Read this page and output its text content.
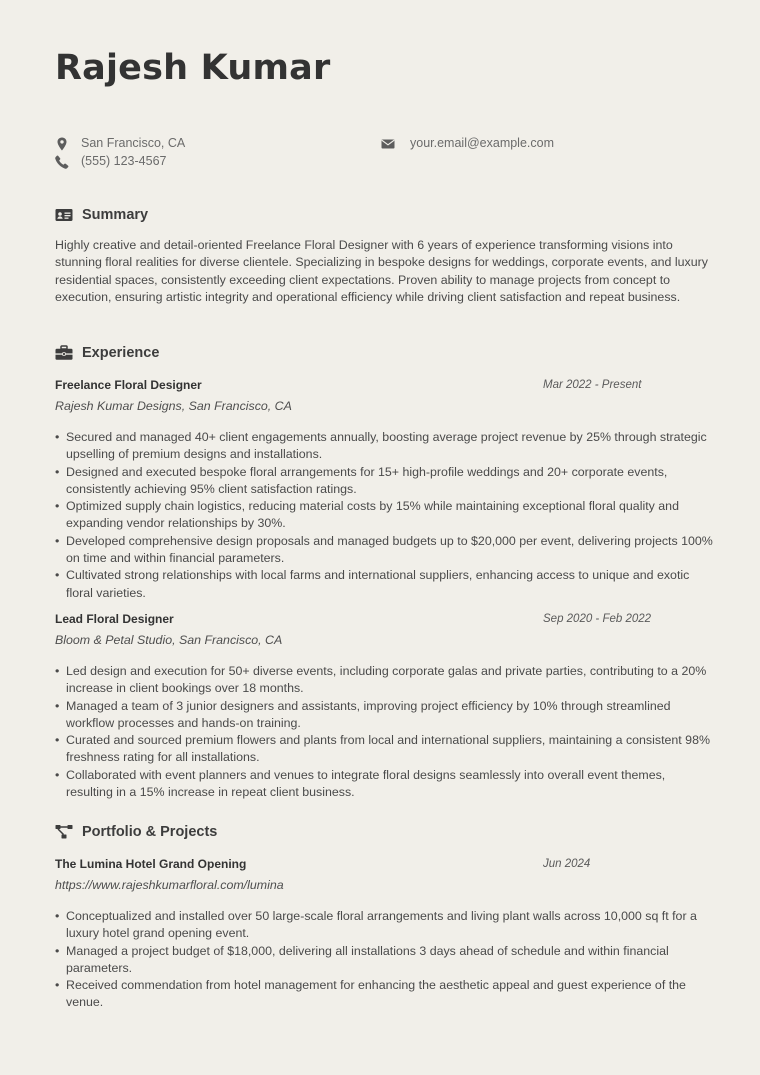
Rajesh Kumar
San Francisco, CA
(555) 123-4567
your.email@example.com
Summary

Highly creative and detail-oriented Freelance Floral Designer with 6 years of experience transforming visions into stunning floral realities for diverse clientele. Specializing in bespoke designs for weddings, corporate events, and luxury residential spaces, consistently exceeding client expectations. Proven ability to manage projects from concept to execution, ensuring artistic integrity and operational efficiency while driving client satisfaction and repeat business.

Experience
Freelance Floral Designer	Mar 2022 - Present
Rajesh Kumar Designs, San Francisco, CA
• Secured and managed 40+ client engagements annually, boosting average project revenue by 25% through strategic upselling of premium designs and installations.
• Designed and executed bespoke floral arrangements for 15+ high-profile weddings and 20+ corporate events, consistently achieving 95% client satisfaction ratings.
• Optimized supply chain logistics, reducing material costs by 15% while maintaining exceptional floral quality and expanding vendor relationships by 30%.
• Developed comprehensive design proposals and managed budgets up to $20,000 per event, delivering projects 100% on time and within financial parameters.
• Cultivated strong relationships with local farms and international suppliers, enhancing access to unique and exotic floral varieties.
Lead Floral Designer	Sep 2020 - Feb 2022
Bloom & Petal Studio, San Francisco, CA
• Led design and execution for 50+ diverse events, including corporate galas and private parties, contributing to a 20% increase in client bookings over 18 months.
• Managed a team of 3 junior designers and assistants, improving project efficiency by 10% through streamlined workflow processes and hands-on training.
• Curated and sourced premium flowers and plants from local and international suppliers, maintaining a consistent 98% freshness rating for all installations.
• Collaborated with event planners and venues to integrate floral designs seamlessly into overall event themes, resulting in a 15% increase in repeat client business.
Portfolio & Projects
The Lumina Hotel Grand Opening	Jun 2024
https://www.rajeshkumarfloral.com/lumina
• Conceptualized and installed over 50 large-scale floral arrangements and living plant walls across 10,000 sq ft for a luxury hotel grand opening event.
• Managed a project budget of $18,000, delivering all installations 3 days ahead of schedule and within financial parameters.
• Received commendation from hotel management for enhancing the aesthetic appeal and guest experience of the venue.
